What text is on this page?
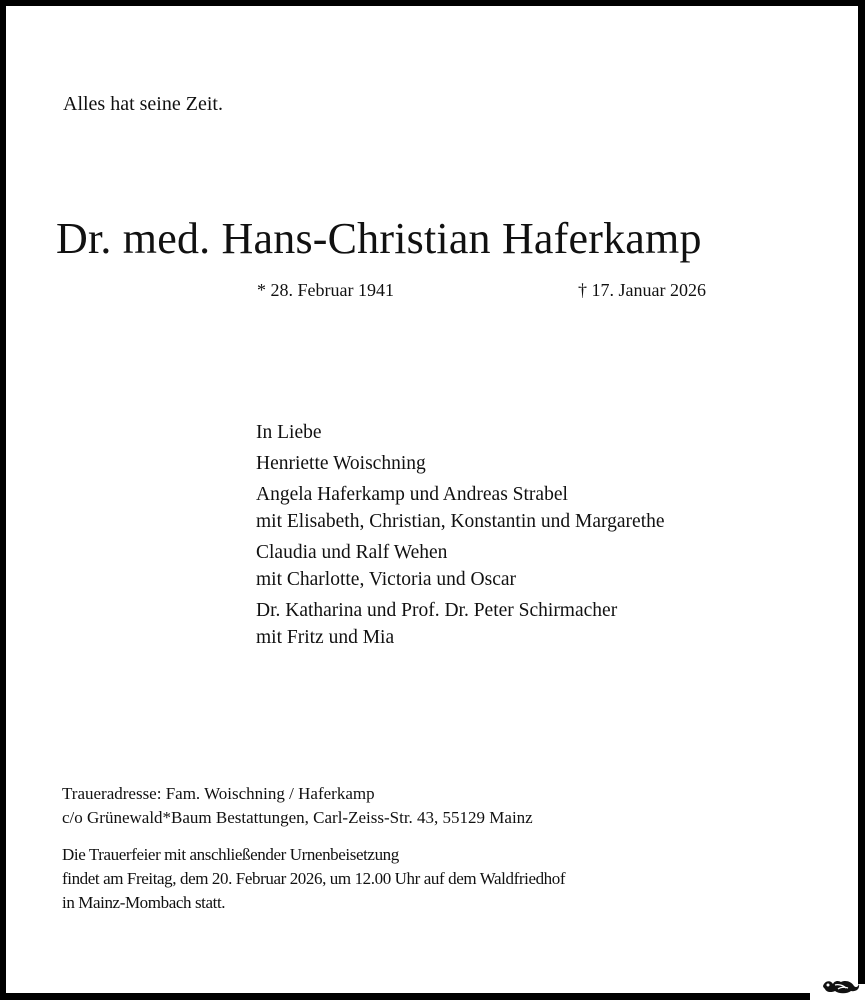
Alles hat seine Zeit.
Dr. med. Hans-Christian Haferkamp
* 28. Februar 1941	† 17. Januar 2026
In Liebe
Henriette Woischning
Angela Haferkamp und Andreas Strabel
mit Elisabeth, Christian, Konstantin und Margarethe
Claudia und Ralf Wehen
mit Charlotte, Victoria und Oscar
Dr. Katharina und Prof. Dr. Peter Schirmacher
mit Fritz und Mia
Traueradresse: Fam. Woischning / Haferkamp
c/o Grünewald*Baum Bestattungen, Carl-Zeiss-Str. 43, 55129 Mainz
Die Trauerfeier mit anschließender Urnenbeisetzung
findet am Freitag, dem 20. Februar 2026, um 12.00 Uhr auf dem Waldfriedhof
in Mainz-Mombach statt.
